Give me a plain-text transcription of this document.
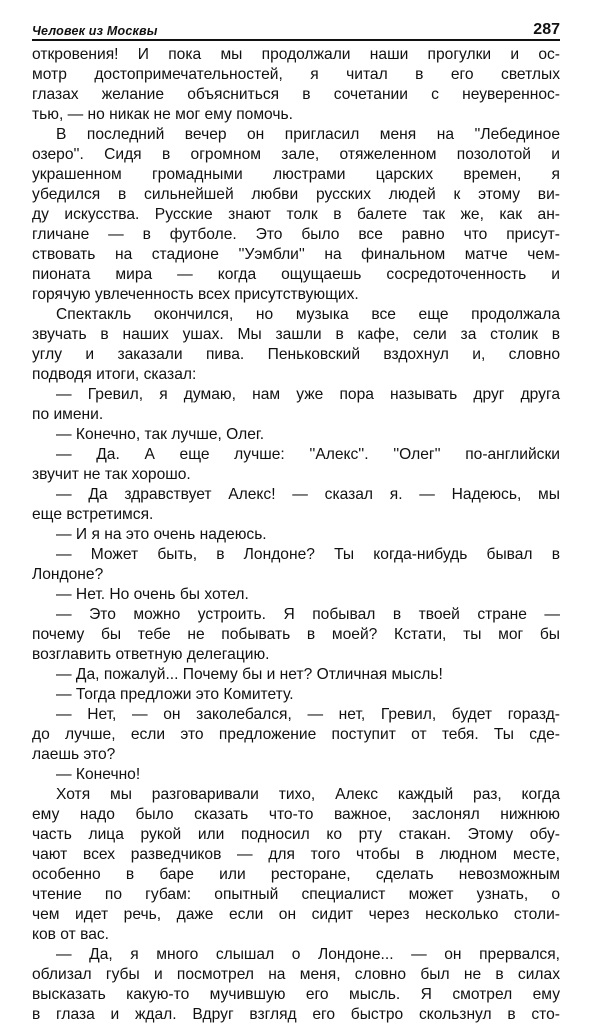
Человек из Москвы	287
откровения! И пока мы продолжали наши прогулки и ос-
мотр достопримечательностей, я читал в его светлых
глазах желание объясниться в сочетании с неувереннос-
тью, — но никак не мог ему помочь.
В последний вечер он пригласил меня на ''Лебединое
озеро''. Сидя в огромном зале, отяжеленном позолотой и
украшенном громадными люстрами царских времен, я
убедился в сильнейшей любви русских людей к этому ви-
ду искусства. Русские знают толк в балете так же, как ан-
гличане — в футболе. Это было все равно что присут-
ствовать на стадионе ''Уэмбли'' на финальном матче чем-
пионата мира — когда ощущаешь сосредоточенность и
горячую увлеченность всех присутствующих.
Спектакль окончился, но музыка все еще продолжала
звучать в наших ушах. Мы зашли в кафе, сели за столик в
углу и заказали пива. Пеньковский вздохнул и, словно
подводя итоги, сказал:
— Гревил, я думаю, нам уже пора называть друг друга
по имени.
— Конечно, так лучше, Олег.
— Да. А еще лучше: ''Алекс''. ''Олег'' по-английски
звучит не так хорошо.
— Да здравствует Алекс! — сказал я. — Надеюсь, мы
еще встретимся.
— И я на это очень надеюсь.
— Может быть, в Лондоне? Ты когда-нибудь бывал в
Лондоне?
— Нет. Но очень бы хотел.
— Это можно устроить. Я побывал в твоей стране —
почему бы тебе не побывать в моей? Кстати, ты мог бы
возглавить ответную делегацию.
— Да, пожалуй... Почему бы и нет? Отличная мысль!
— Тогда предложи это Комитету.
— Нет, — он заколебался, — нет, Гревил, будет горазд-
до лучше, если это предложение поступит от тебя. Ты сде-
лаешь это?
— Конечно!
Хотя мы разговаривали тихо, Алекс каждый раз, когда
ему надо было сказать что-то важное, заслонял нижнюю
часть лица рукой или подносил ко рту стакан. Этому обу-
чают всех разведчиков — для того чтобы в людном месте,
особенно в баре или ресторане, сделать невозможным
чтение по губам: опытный специалист может узнать, о
чем идет речь, даже если он сидит через несколько столи-
ков от вас.
— Да, я много слышал о Лондоне... — он прервался,
облизал губы и посмотрел на меня, словно был не в силах
высказать какую-то мучившую его мысль. Я смотрел ему
в глаза и ждал. Вдруг взгляд его быстро скользнул в сто-
